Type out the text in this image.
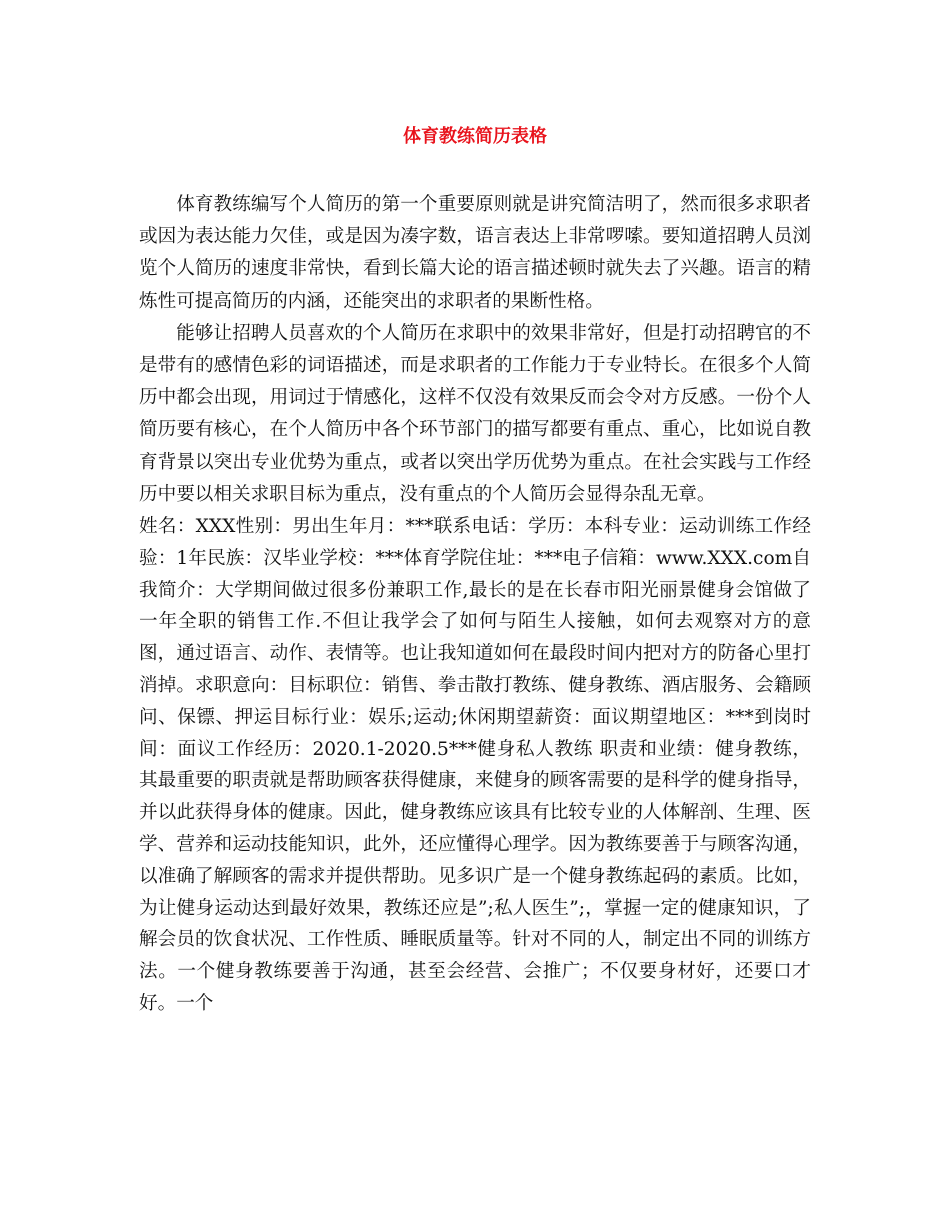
体育教练简历表格

体育教练编写个人简历的第一个重要原则就是讲究简洁明了，然而很多求职者或因为表达能力欠佳，或是因为凑字数，语言表达上非常啰嗦。要知道招聘人员浏览个人简历的速度非常快，看到长篇大论的语言描述顿时就失去了兴趣。语言的精炼性可提高简历的内涵，还能突出的求职者的果断性格。

能够让招聘人员喜欢的个人简历在求职中的效果非常好，但是打动招聘官的不是带有的感情色彩的词语描述，而是求职者的工作能力于专业特长。在很多个人简历中都会出现，用词过于情感化，这样不仅没有效果反而会令对方反感。一份个人简历要有核心，在个人简历中各个环节部门的描写都要有重点、重心，比如说自教育背景以突出专业优势为重点，或者以突出学历优势为重点。在社会实践与工作经历中要以相关求职目标为重点，没有重点的个人简历会显得杂乱无章。

姓名：XXX性别：男出生年月：***联系电话：学历：本科专业：运动训练工作经验：1年民族：汉毕业学校：***体育学院住址：***电子信箱：www.XXX.com自我简介：大学期间做过很多份兼职工作,最长的是在长春市阳光丽景健身会馆做了一年全职的销售工作.不但让我学会了如何与陌生人接触，如何去观察对方的意图，通过语言、动作、表情等。也让我知道如何在最段时间内把对方的防备心里打消掉。求职意向：目标职位：销售、拳击散打教练、健身教练、酒店服务、会籍顾问、保镖、押运目标行业：娱乐;运动;休闲期望薪资：面议期望地区：***到岗时间：面议工作经历：2020.1-2020.5***健身私人教练 职责和业绩：健身教练，其最重要的职责就是帮助顾客获得健康，来健身的顾客需要的是科学的健身指导，并以此获得身体的健康。因此，健身教练应该具有比较专业的人体解剖、生理、医学、营养和运动技能知识，此外，还应懂得心理学。因为教练要善于与顾客沟通，以准确了解顾客的需求并提供帮助。见多识广是一个健身教练起码的素质。比如，为让健身运动达到最好效果，教练还应是”;私人医生”;，掌握一定的健康知识，了解会员的饮食状况、工作性质、睡眠质量等。针对不同的人，制定出不同的训练方法。一个健身教练要善于沟通，甚至会经营、会推广；不仅要身材好，还要口才好。一个
